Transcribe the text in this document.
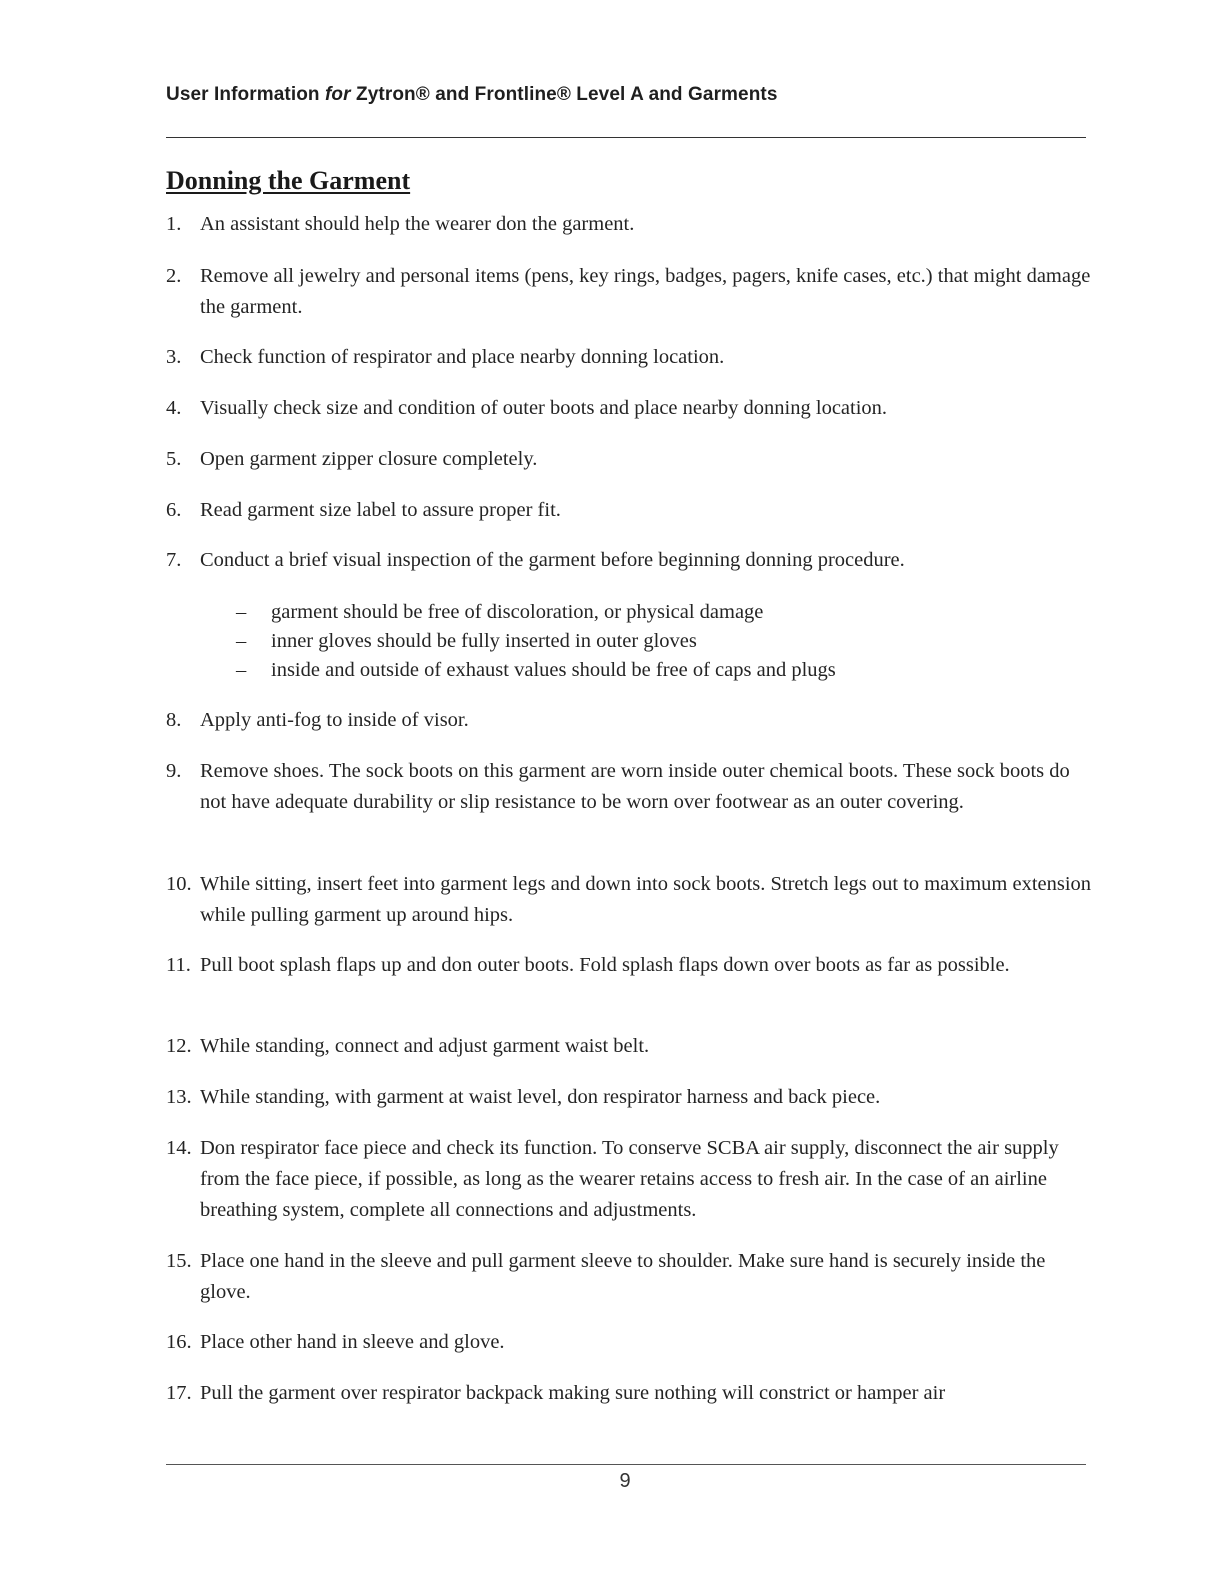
User Information for Zytron® and Frontline® Level A and Garments
Donning the Garment
1. An assistant should help the wearer don the garment.
2. Remove all jewelry and personal items (pens, key rings, badges, pagers, knife cases, etc.) that might damage the garment.
3. Check function of respirator and place nearby donning location.
4. Visually check size and condition of outer boots and place nearby donning location.
5. Open garment zipper closure completely.
6. Read garment size label to assure proper fit.
7. Conduct a brief visual inspection of the garment before beginning donning procedure.
– garment should be free of discoloration, or physical damage
– inner gloves should be fully inserted in outer gloves
– inside and outside of exhaust values should be free of caps and plugs
8. Apply anti-fog to inside of visor.
9. Remove shoes. The sock boots on this garment are worn inside outer chemical boots. These sock boots do not have adequate durability or slip resistance to be worn over footwear as an outer covering.
10. While sitting, insert feet into garment legs and down into sock boots. Stretch legs out to maximum extension while pulling garment up around hips.
11. Pull boot splash flaps up and don outer boots. Fold splash flaps down over boots as far as possible.
12. While standing, connect and adjust garment waist belt.
13. While standing, with garment at waist level, don respirator harness and back piece.
14. Don respirator face piece and check its function. To conserve SCBA air supply, disconnect the air supply from the face piece, if possible, as long as the wearer retains access to fresh air. In the case of an airline breathing system, complete all connections and adjustments.
15. Place one hand in the sleeve and pull garment sleeve to shoulder. Make sure hand is securely inside the glove.
16. Place other hand in sleeve and glove.
17. Pull the garment over respirator backpack making sure nothing will constrict or hamper air
9
